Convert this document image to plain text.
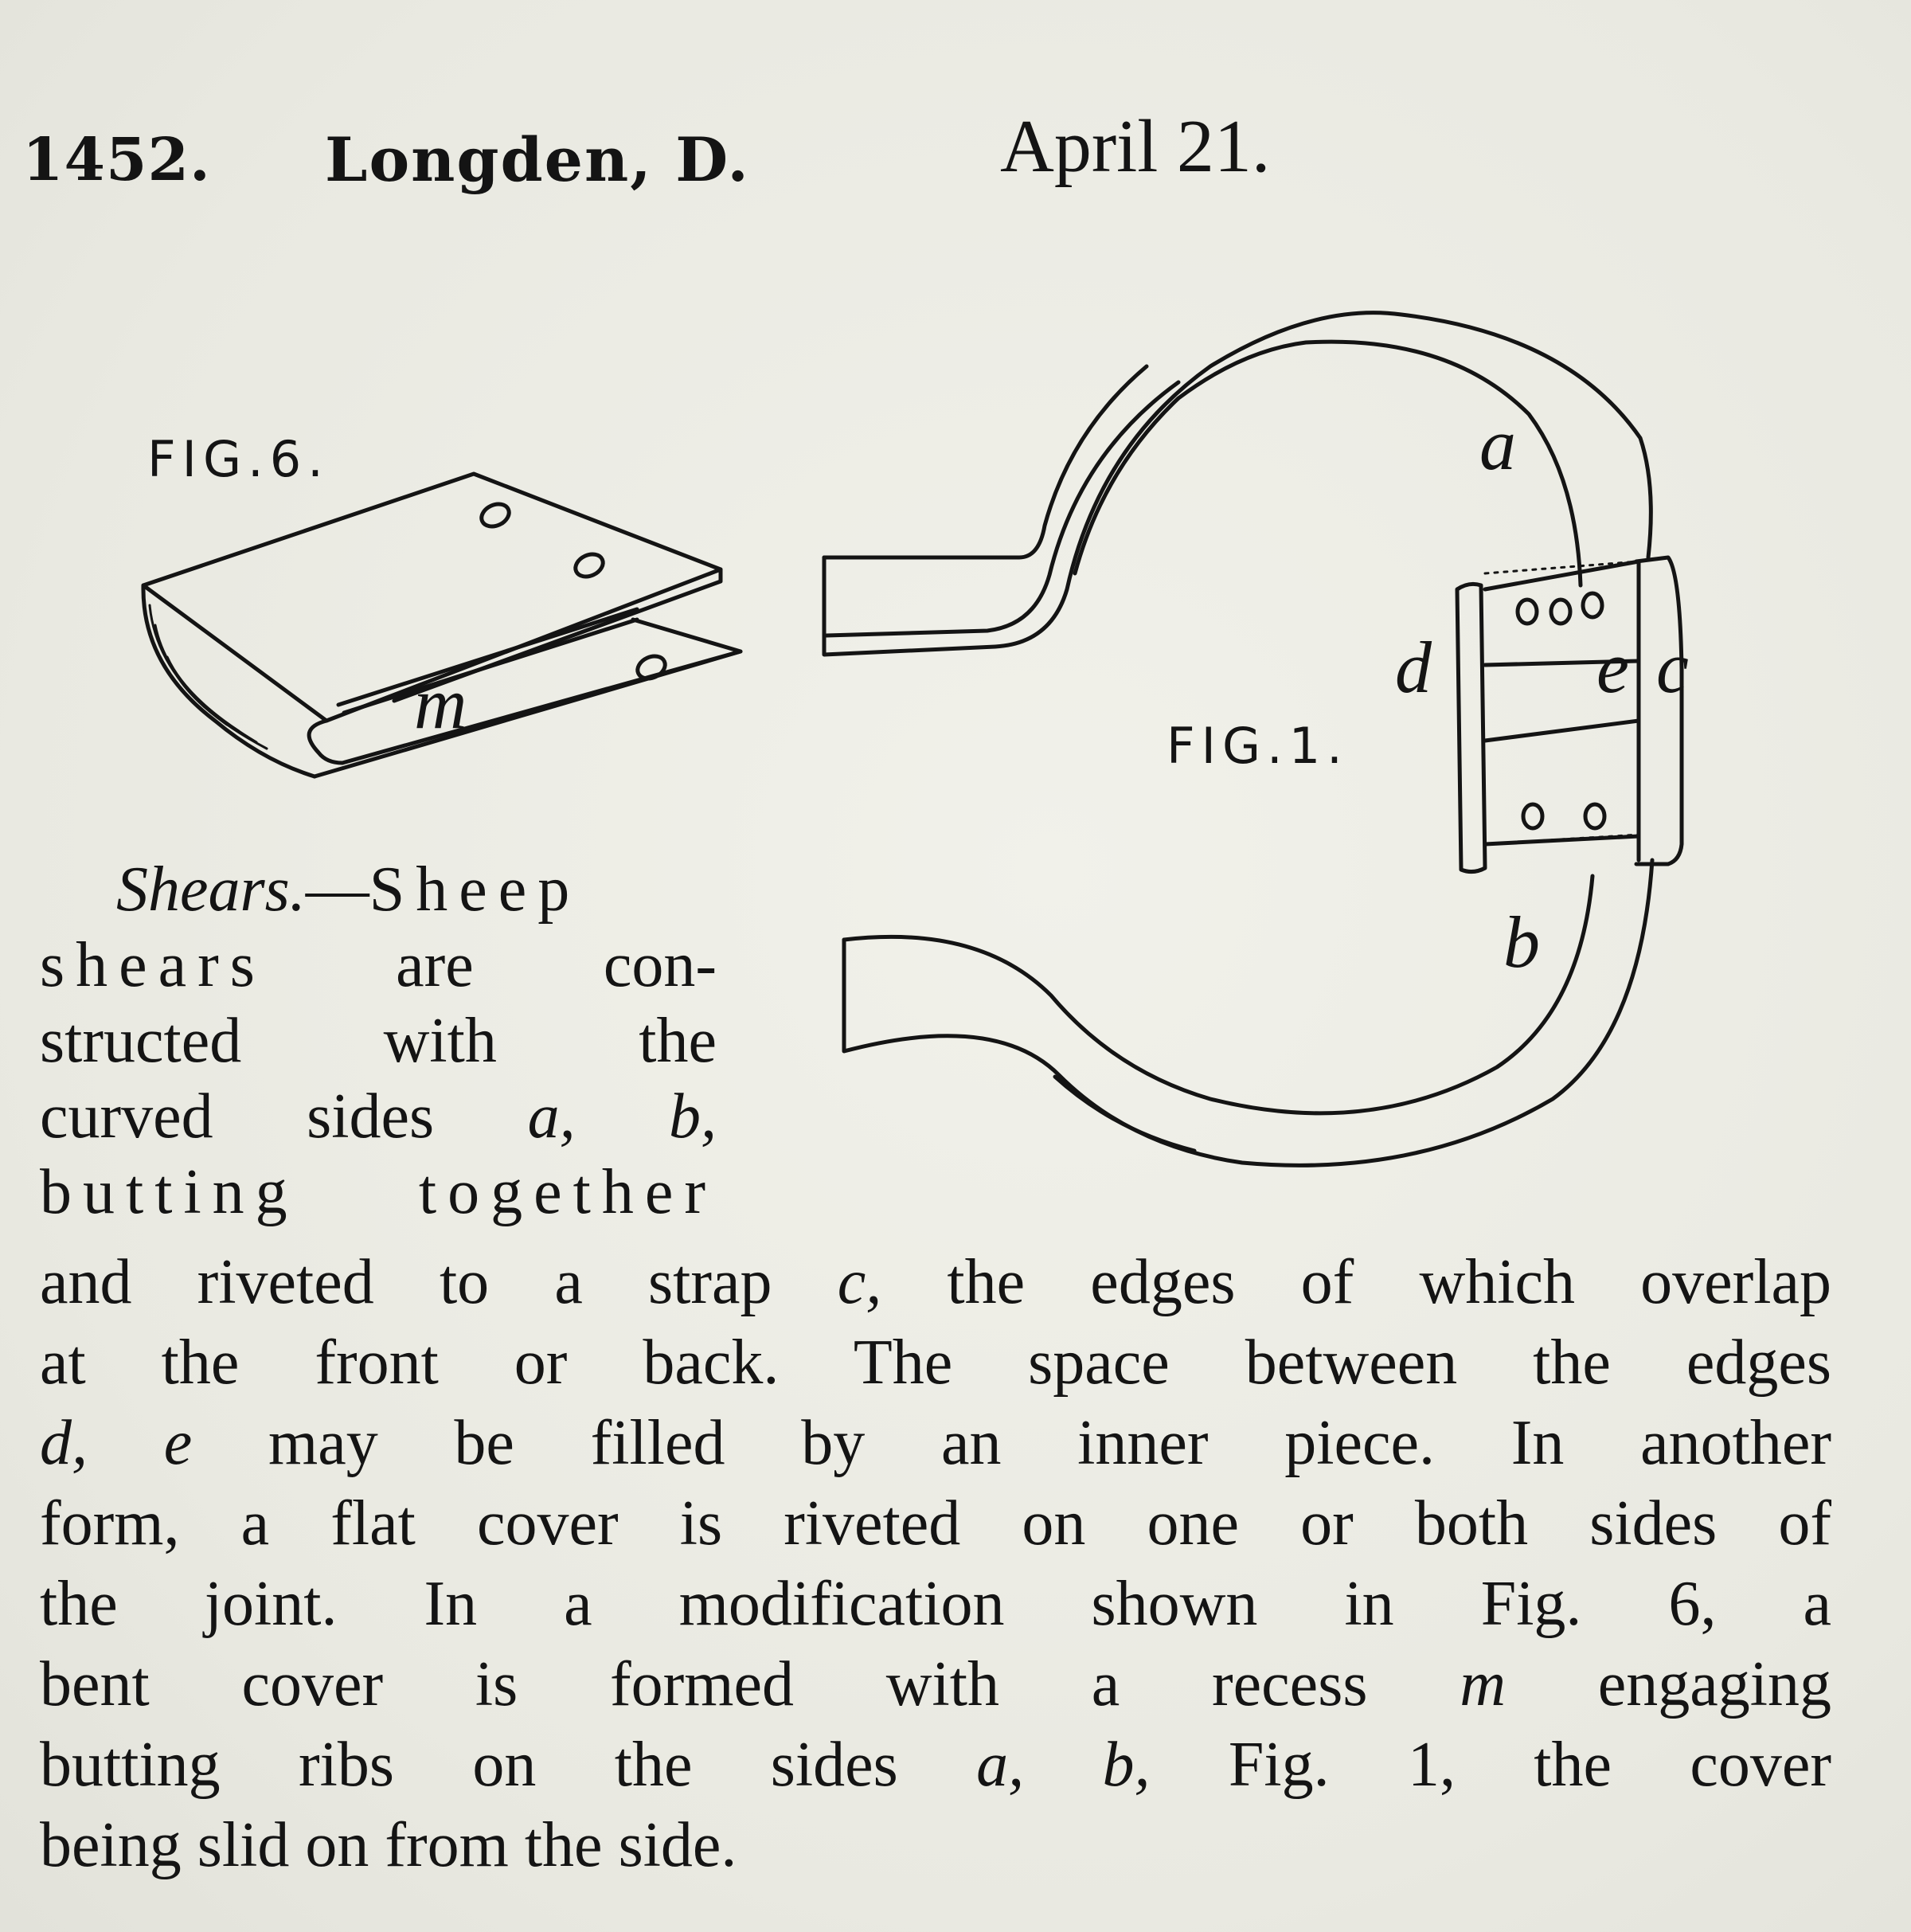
1452. Longden, D.	April 21.
FIG.6.
FIG.1.
a
b
c
d e
m
Shears.—Sheep
shears are con-
structed with the
curved sides a, b,
butting together
and riveted to a strap c, the edges of which overlap
at the front or back. The space between the edges
d, e may be filled by an inner piece. In another
form, a flat cover is riveted on one or both sides of
the joint. In a modification shown in Fig. 6, a
bent cover is formed with a recess m engaging
butting ribs on the sides a, b, Fig. 1, the cover
being slid on from the side.
